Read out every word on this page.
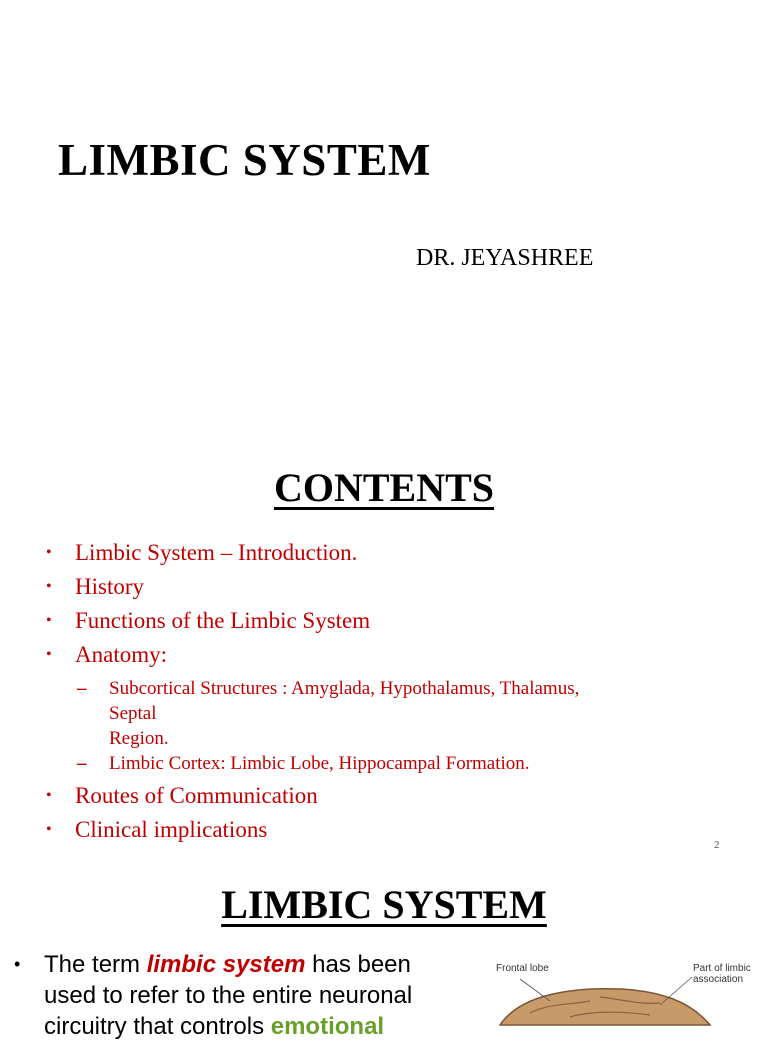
LIMBIC SYSTEM
DR. JEYASHREE
CONTENTS
• Limbic System – Introduction.
• History
• Functions of the Limbic System
• Anatomy:
– Subcortical Structures : Amyglada, Hypothalamus, Thalamus,
Septal
Region.
– Limbic Cortex: Limbic Lobe, Hippocampal Formation.
• Routes of Communication
• Clinical implications
2
LIMBIC SYSTEM
• The term limbic system has been used to refer to the entire neuronal circuitry that controls emotional
Frontal lobe	Part of limbic
association
